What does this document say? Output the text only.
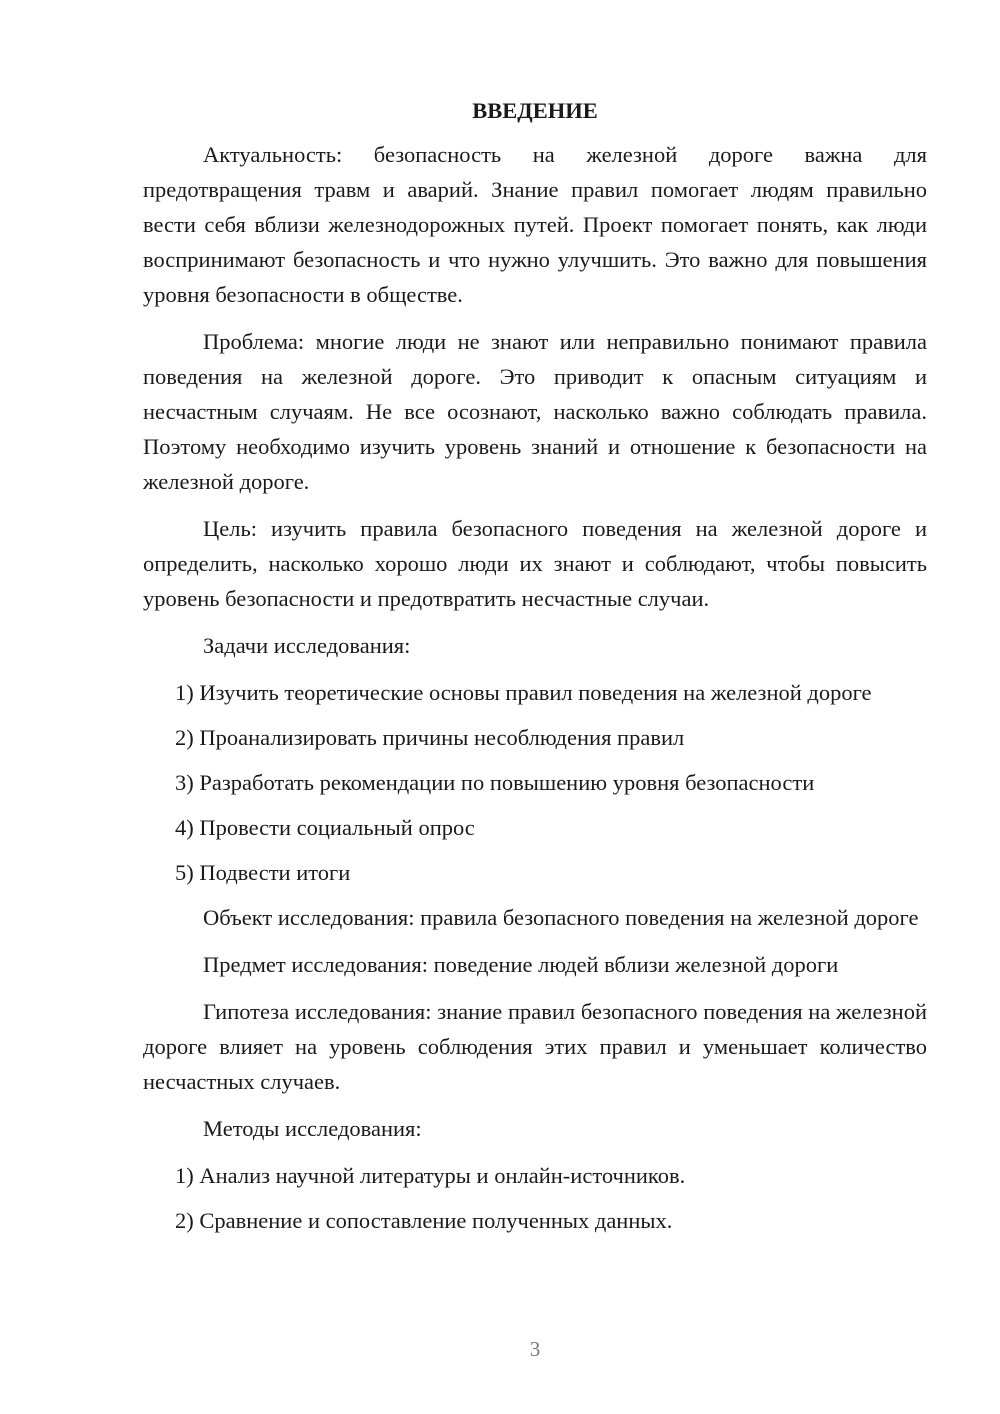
ВВЕДЕНИЕ

Актуальность: безопасность на железной дороге важна для предотвращения травм и аварий. Знание правил помогает людям правильно вести себя вблизи железнодорожных путей. Проект помогает понять, как люди воспринимают безопасность и что нужно улучшить. Это важно для повышения уровня безопасности в обществе.

Проблема: многие люди не знают или неправильно понимают правила поведения на железной дороге. Это приводит к опасным ситуациям и несчастным случаям. Не все осознают, насколько важно соблюдать правила. Поэтому необходимо изучить уровень знаний и отношение к безопасности на железной дороге.

Цель: изучить правила безопасного поведения на железной дороге и определить, насколько хорошо люди их знают и соблюдают, чтобы повысить уровень безопасности и предотвратить несчастные случаи.

Задачи исследования:

1) Изучить теоретические основы правил поведения на железной дороге

2) Проанализировать причины несоблюдения правил

3) Разработать рекомендации по повышению уровня безопасности

4) Провести социальный опрос

5) Подвести итоги

Объект исследования: правила безопасного поведения на железной дороге

Предмет исследования: поведение людей вблизи железной дороги

Гипотеза исследования: знание правил безопасного поведения на железной дороге влияет на уровень соблюдения этих правил и уменьшает количество несчастных случаев.

Методы исследования:

1) Анализ научной литературы и онлайн-источников.

2) Сравнение и сопоставление полученных данных.

3
